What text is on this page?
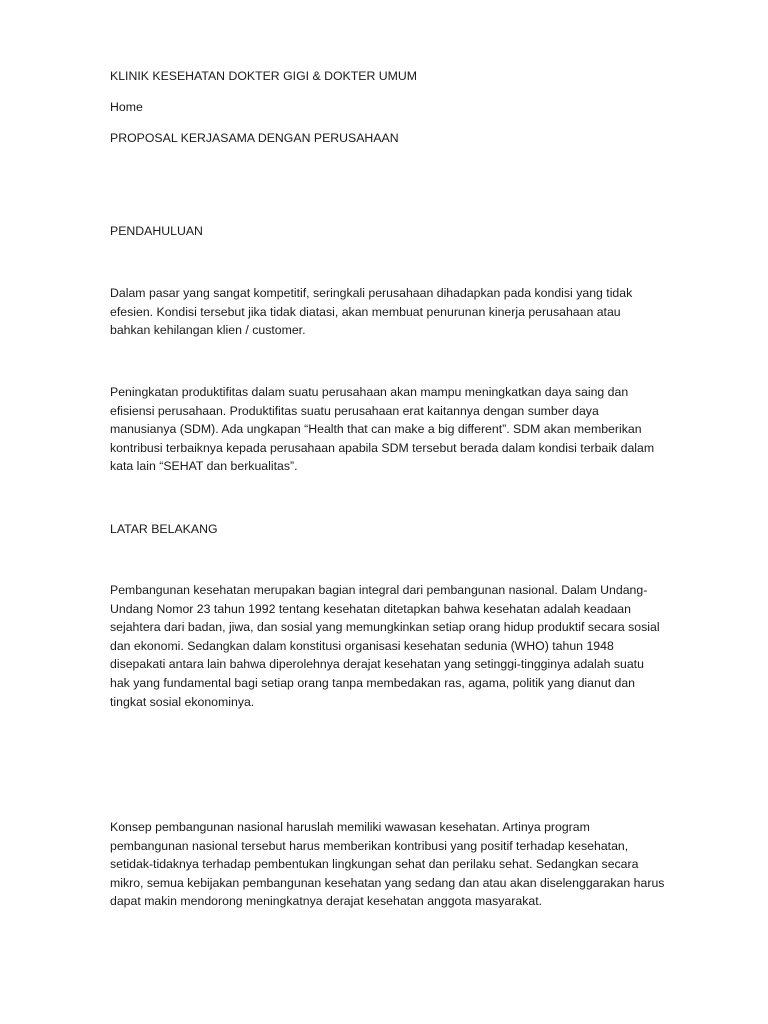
KLINIK KESEHATAN DOKTER GIGI & DOKTER UMUM

Home

PROPOSAL KERJASAMA DENGAN PERUSAHAAN

PENDAHULUAN

Dalam pasar yang sangat kompetitif, seringkali perusahaan dihadapkan pada kondisi yang tidak

efesien. Kondisi tersebut jika tidak diatasi, akan membuat penurunan kinerja perusahaan atau

bahkan kehilangan klien / customer.

Peningkatan produktifitas dalam suatu perusahaan akan mampu meningkatkan daya saing dan

efisiensi perusahaan. Produktifitas suatu perusahaan erat kaitannya dengan sumber daya

manusianya (SDM). Ada ungkapan “Health that can make a big different”. SDM akan memberikan

kontribusi terbaiknya kepada perusahaan apabila SDM tersebut berada dalam kondisi terbaik dalam

kata lain “SEHAT dan berkualitas”.

LATAR BELAKANG

Pembangunan kesehatan merupakan bagian integral dari pembangunan nasional. Dalam Undang-

Undang Nomor 23 tahun 1992 tentang kesehatan ditetapkan bahwa kesehatan adalah keadaan

sejahtera dari badan, jiwa, dan sosial yang memungkinkan setiap orang hidup produktif secara sosial

dan ekonomi. Sedangkan dalam konstitusi organisasi kesehatan sedunia (WHO) tahun 1948

disepakati antara lain bahwa diperolehnya derajat kesehatan yang setinggi-tingginya adalah suatu

hak yang fundamental bagi setiap orang tanpa membedakan ras, agama, politik yang dianut dan

tingkat sosial ekonominya.

Konsep pembangunan nasional haruslah memiliki wawasan kesehatan. Artinya program

pembangunan nasional tersebut harus memberikan kontribusi yang positif terhadap kesehatan,

setidak-tidaknya terhadap pembentukan lingkungan sehat dan perilaku sehat. Sedangkan secara

mikro, semua kebijakan pembangunan kesehatan yang sedang dan atau akan diselenggarakan harus

dapat makin mendorong meningkatnya derajat kesehatan anggota masyarakat.
